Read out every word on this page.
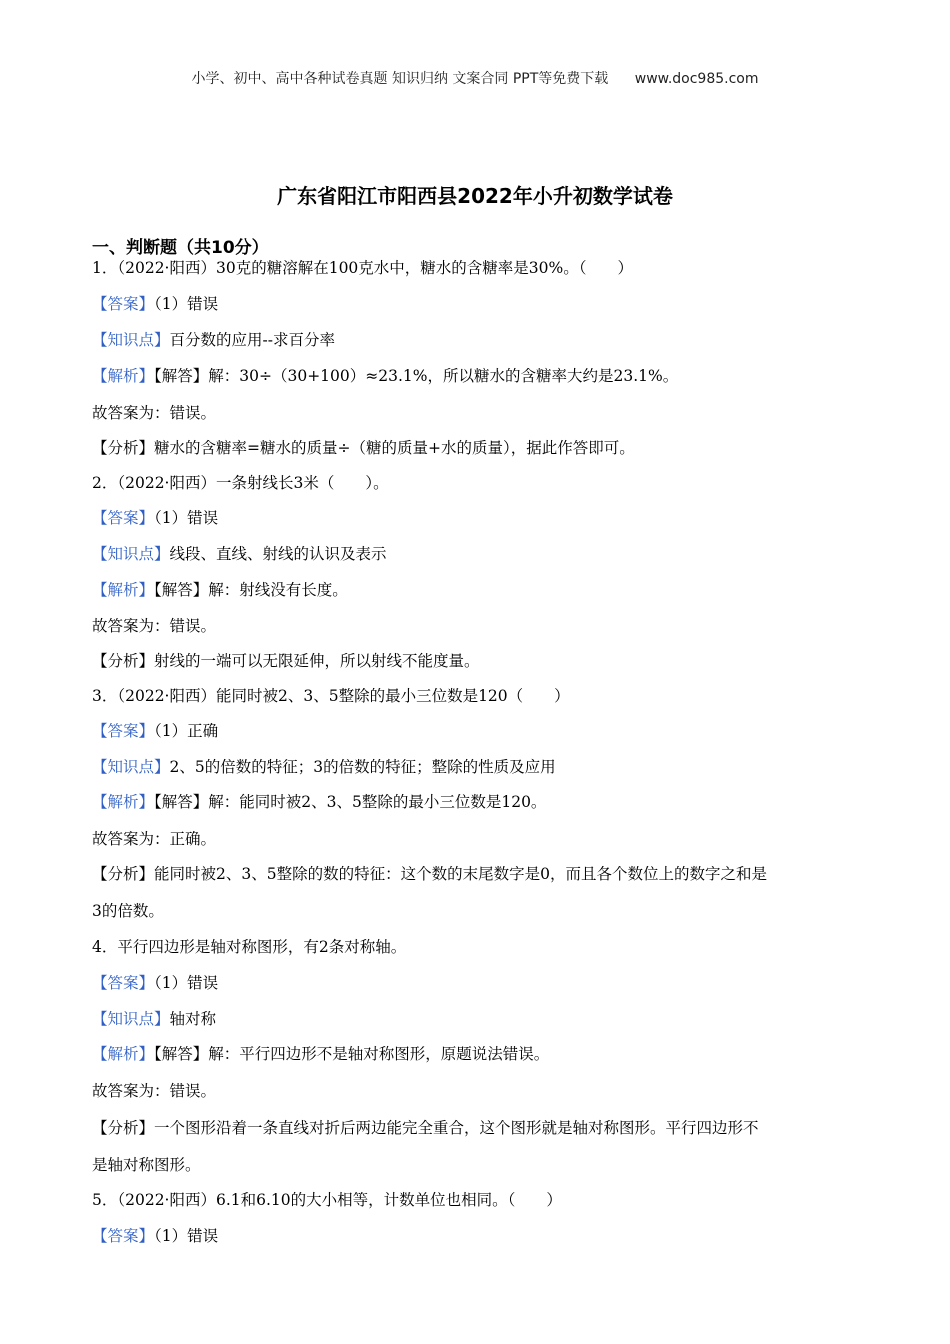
小学、初中、高中各种试卷真题 知识归纳 文案合同 PPT等免费下载 www.doc985.com
广东省阳江市阳西县2022年小升初数学试卷
一、判断题（共10分）
1．（2022·阳西）30克的糖溶解在100克水中，糖水的含糖率是30%。（　　）
【答案】（1）错误
【知识点】百分数的应用--求百分率
【解析】【解答】解：30÷（30+100）≈23.1%，所以糖水的含糖率大约是23.1%。
故答案为：错误。
【分析】糖水的含糖率=糖水的质量÷（糖的质量+水的质量），据此作答即可。
2．（2022·阳西）一条射线长3米（　　）。
【答案】（1）错误
【知识点】线段、直线、射线的认识及表示
【解析】【解答】解：射线没有长度。
故答案为：错误。
【分析】射线的一端可以无限延伸，所以射线不能度量。
3．（2022·阳西）能同时被2、3、5整除的最小三位数是120（　　）
【答案】（1）正确
【知识点】2、5的倍数的特征；3的倍数的特征；整除的性质及应用
【解析】【解答】解：能同时被2、3、5整除的最小三位数是120。
故答案为：正确。
【分析】能同时被2、3、5整除的数的特征：这个数的末尾数字是0，而且各个数位上的数字之和是
3的倍数。
4．平行四边形是轴对称图形，有2条对称轴。
【答案】（1）错误
【知识点】轴对称
【解析】【解答】解：平行四边形不是轴对称图形，原题说法错误。
故答案为：错误。
【分析】一个图形沿着一条直线对折后两边能完全重合，这个图形就是轴对称图形。平行四边形不
是轴对称图形。
5．（2022·阳西）6.1和6.10的大小相等，计数单位也相同。（　　）
【答案】（1）错误
